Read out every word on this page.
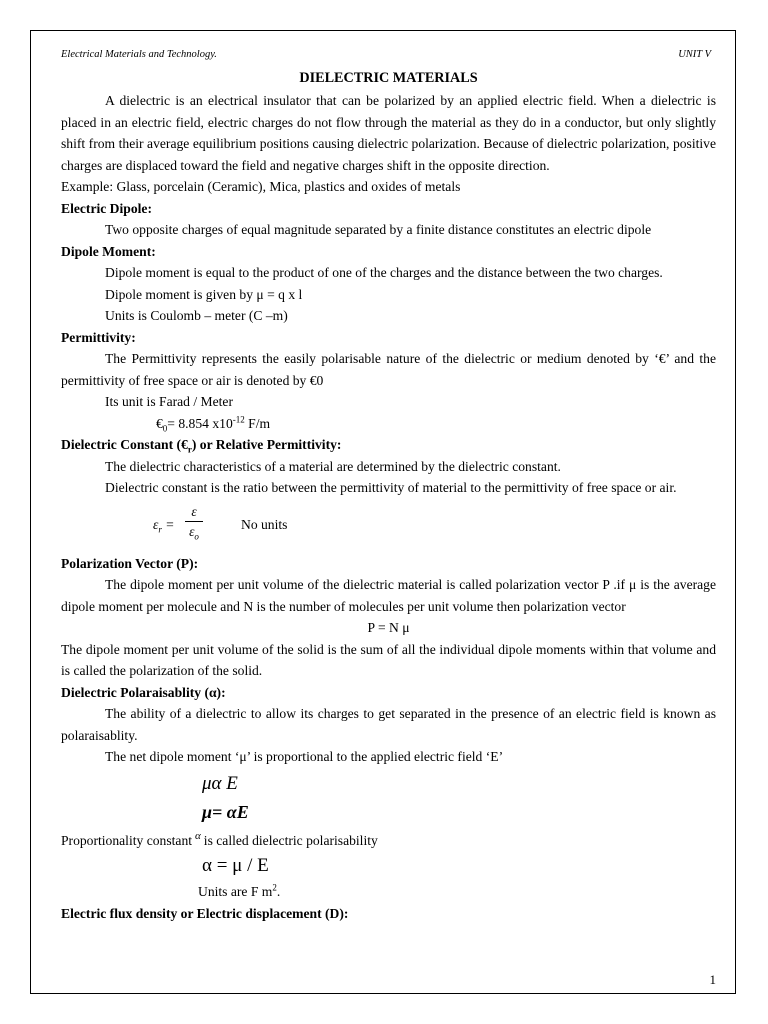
Electrical Materials and Technology.	UNIT V
DIELECTRIC MATERIALS

A dielectric is an electrical insulator that can be polarized by an applied electric field. When a dielectric is placed in an electric field, electric charges do not flow through the material as they do in a conductor, but only slightly shift from their average equilibrium positions causing dielectric polarization. Because of dielectric polarization, positive charges are displaced toward the field and negative charges shift in the opposite direction.

Example: Glass, porcelain (Ceramic), Mica, plastics and oxides of metals

Electric Dipole:

Two opposite charges of equal magnitude separated by a finite distance constitutes an electric dipole

Dipole Moment:

Dipole moment is equal to the product of one of the charges and the distance between the two charges.

Dipole moment is given by μ = q x l

Units is Coulomb – meter (C –m)

Permittivity:

The Permittivity represents the easily polarisable nature of the dielectric or medium denoted by ‘€’ and the permittivity of free space or air is denoted by €0

Its unit is Farad / Meter

$€_0= 8.854$ $x10^{-12}$ F/m

Dielectric Constant $(€_r)$ or Relative Permittivity:

The dielectric characteristics of a material are determined by the dielectric constant.

Dielectric constant is the ratio between the permittivity of material to the permittivity of free space or air.

$\varepsilon_r = \frac{\varepsilon}{\varepsilon_o}$	No units

Polarization Vector (P):

The dipole moment per unit volume of the dielectric material is called polarization vector P .if μ is the average dipole moment per molecule and N is the number of molecules per unit volume then polarization vector

P = N μ

The dipole moment per unit volume of the solid is the sum of all the individual dipole moments within that volume and is called the polarization of the solid.

Dielectric Polaraisablity (α):

The ability of a dielectric to allow its charges to get separated in the presence of an electric field is known as polaraisablity.

The net dipole moment ‘μ’ is proportional to the applied electric field ‘E’

μα E

μ= αE

Proportionality constant $^\alpha$ is called dielectric polarisability

α = μ / E

Units are F $m^2$.

Electric flux density or Electric displacement (D):

1
